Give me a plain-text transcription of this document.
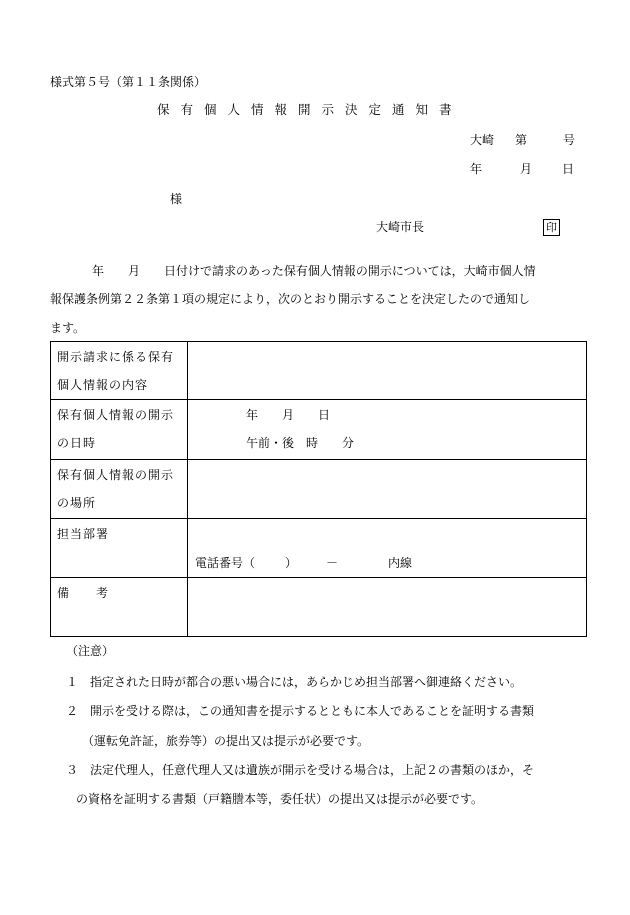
様式第５号（第１１条関係）
保有個人情報開示決定通知書
大崎 第	号
年	月 日
様
大崎市長	印
年　　月　　日付けで請求のあった保有個人情報の開示については，大崎市個人情
報保護条例第２２条第１項の規定により，次のとおり開示することを決定したので通知し
ます。
開示請求に係る保有
個人情報の内容	

保有個人情報の開示
の日時	年　　月　　日
午前・後　時　　分

保有個人情報の開示
の場所	

担当部署	電話番号（ ） － 内線

備　　考	

（注意）
１　指定された日時が都合の悪い場合には，あらかじめ担当部署へ御連絡ください。
２　開示を受ける際は，この通知書を提示するとともに本人であることを証明する書類
（運転免許証，旅券等）の提出又は提示が必要です。
３　法定代理人，任意代理人又は遺族が開示を受ける場合は，上記２の書類のほか，そ
の資格を証明する書類（戸籍謄本等，委任状）の提出又は提示が必要です。
